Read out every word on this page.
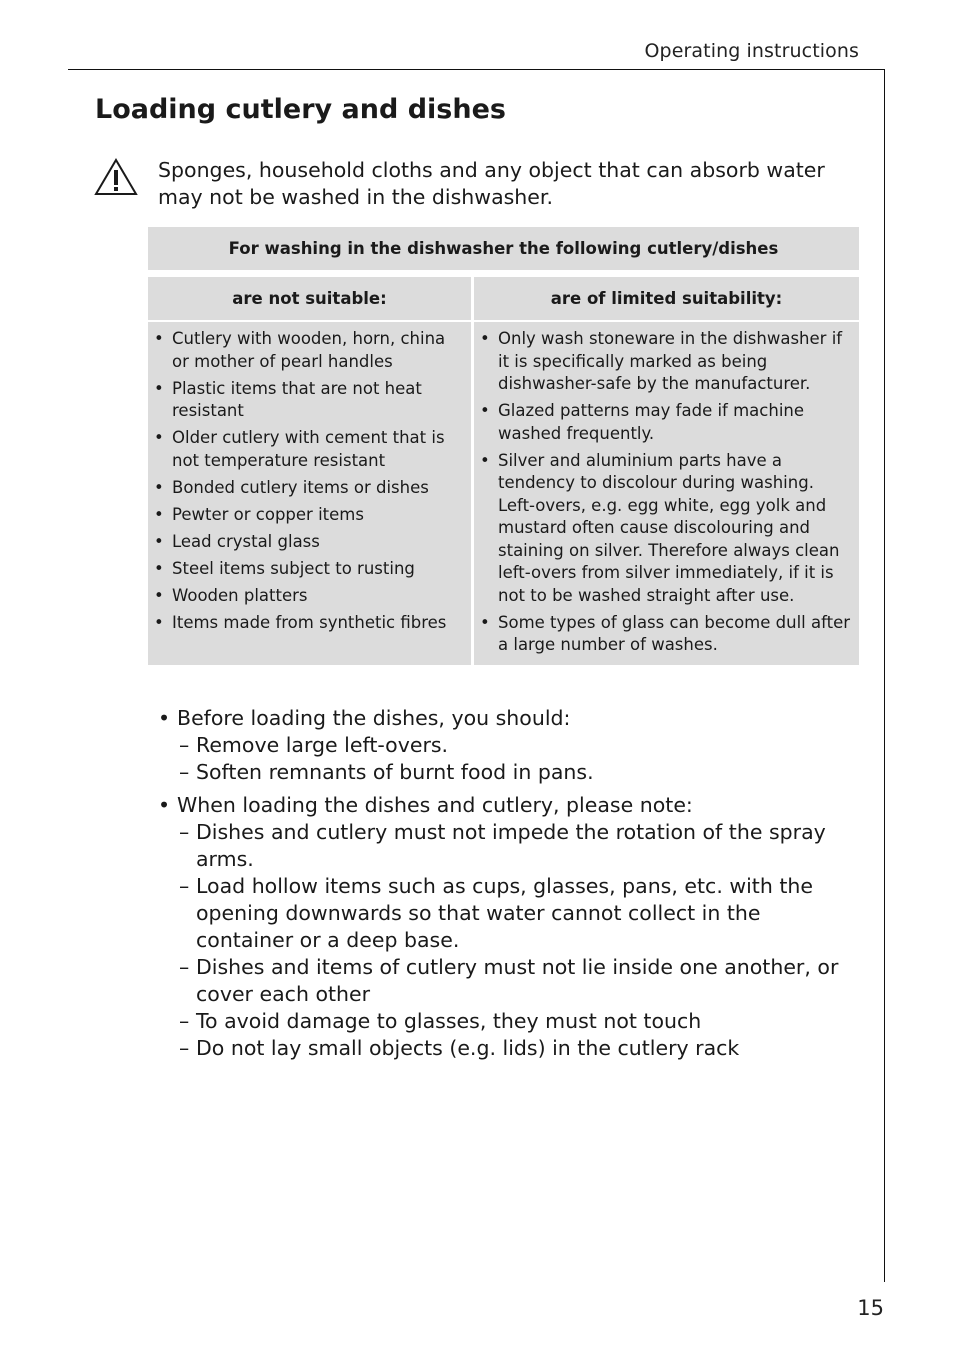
Operating instructions
Loading cutlery and dishes
Sponges, household cloths and any object that can absorb water may not be washed in the dishwasher.
For washing in the dishwasher the following cutlery/dishes
are not suitable:	are of limited suitability:
• Cutlery with wooden, horn, china or mother of pearl handles
• Plastic items that are not heat resistant
• Older cutlery with cement that is not temperature resistant
• Bonded cutlery items or dishes
• Pewter or copper items
• Lead crystal glass
• Steel items subject to rusting
• Wooden platters
• Items made from synthetic fibres
• Only wash stoneware in the dishwasher if it is specifically marked as being dishwasher-safe by the manufacturer.
• Glazed patterns may fade if machine washed frequently.
• Silver and aluminium parts have a tendency to discolour during washing. Left-overs, e.g. egg white, egg yolk and mustard often cause discolouring and staining on silver. Therefore always clean left-overs from silver immediately, if it is not to be washed straight after use.
• Some types of glass can become dull after a large number of washes.
• Before loading the dishes, you should:
– Remove large left-overs.
– Soften remnants of burnt food in pans.
• When loading the dishes and cutlery, please note:
– Dishes and cutlery must not impede the rotation of the spray arms.
– Load hollow items such as cups, glasses, pans, etc. with the opening downwards so that water cannot collect in the container or a deep base.
– Dishes and items of cutlery must not lie inside one another, or cover each other
– To avoid damage to glasses, they must not touch
– Do not lay small objects (e.g. lids) in the cutlery rack
15
